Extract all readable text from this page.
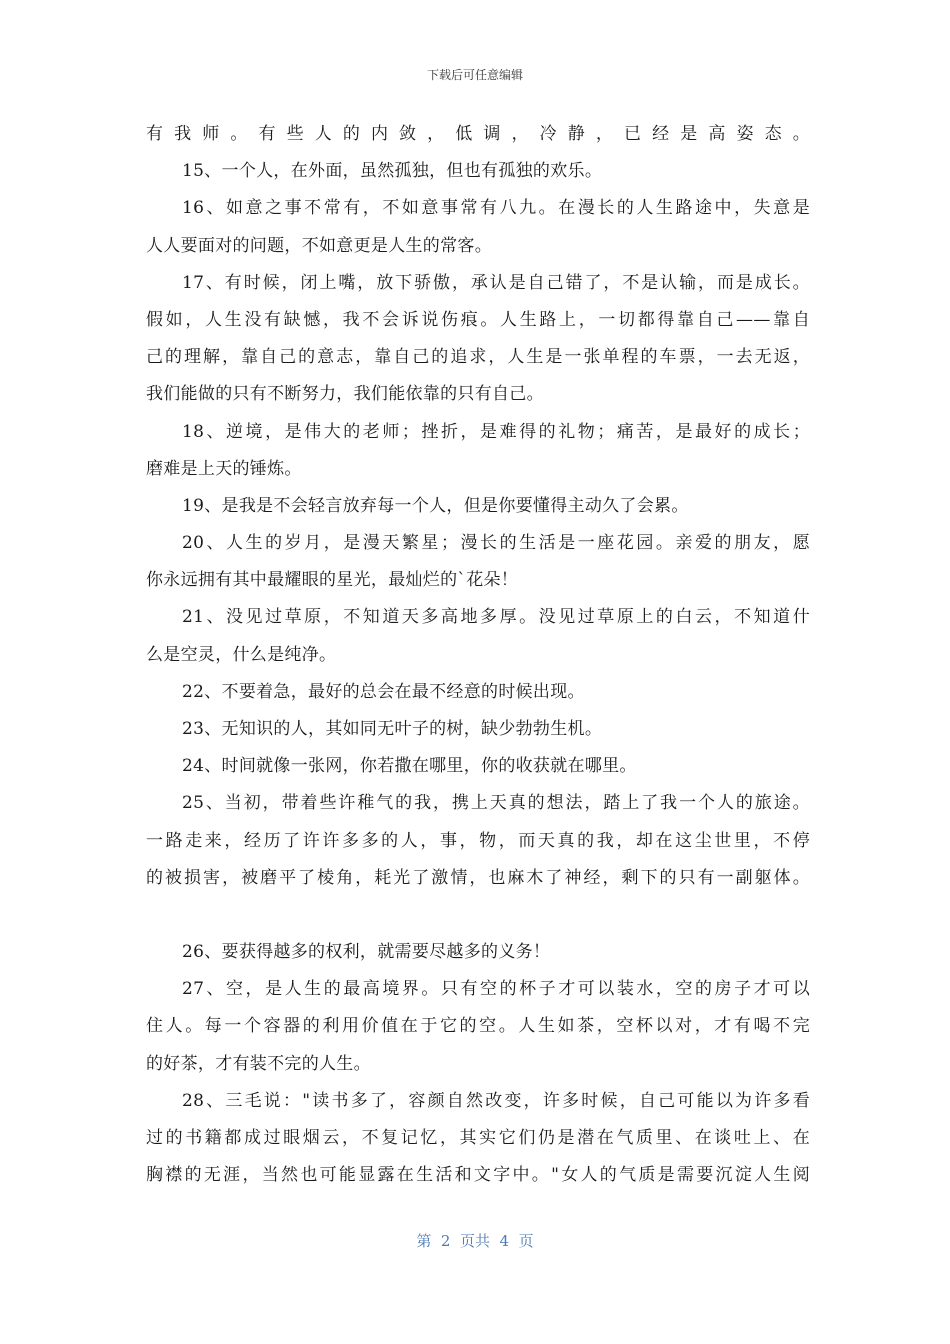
下载后可任意编辑
有我师。有些人的内敛，低调，冷静，已经是高姿态。
15、一个人，在外面，虽然孤独，但也有孤独的欢乐。
16、如意之事不常有，不如意事常有八九。在漫长的人生路途中，失意是
人人要面对的问题，不如意更是人生的常客。
17、有时候，闭上嘴，放下骄傲，承认是自己错了，不是认输，而是成长。
假如，人生没有缺憾，我不会诉说伤痕。人生路上，一切都得靠自己——靠自
己的理解，靠自己的意志，靠自己的追求，人生是一张单程的车票，一去无返，
我们能做的只有不断努力，我们能依靠的只有自己。
18、逆境，是伟大的老师；挫折，是难得的礼物；痛苦，是最好的成长；
磨难是上天的锤炼。
19、是我是不会轻言放弃每一个人，但是你要懂得主动久了会累。
20、人生的岁月，是漫天繁星；漫长的生活是一座花园。亲爱的朋友，愿
你永远拥有其中最耀眼的星光，最灿烂的`花朵！
21、没见过草原，不知道天多高地多厚。没见过草原上的白云，不知道什
么是空灵，什么是纯净。
22、不要着急，最好的总会在最不经意的时候出现。
23、无知识的人，其如同无叶子的树，缺少勃勃生机。
24、时间就像一张网，你若撒在哪里，你的收获就在哪里。
25、当初，带着些许稚气的我，携上天真的想法，踏上了我一个人的旅途。
一路走来，经历了许许多多的人，事，物，而天真的我，却在这尘世里，不停
的被损害，被磨平了棱角，耗光了激情，也麻木了神经，剩下的只有一副躯体。
26、要获得越多的权利，就需要尽越多的义务！
27、空，是人生的最高境界。只有空的杯子才可以装水，空的房子才可以
住人。每一个容器的利用价值在于它的空。人生如茶，空杯以对，才有喝不完
的好茶，才有装不完的人生。
28、三毛说："读书多了，容颜自然改变，许多时候，自己可能以为许多看
过的书籍都成过眼烟云，不复记忆，其实它们仍是潜在气质里、在谈吐上、在
胸襟的无涯，当然也可能显露在生活和文字中。"女人的气质是需要沉淀人生阅
第  2  页共  4  页
